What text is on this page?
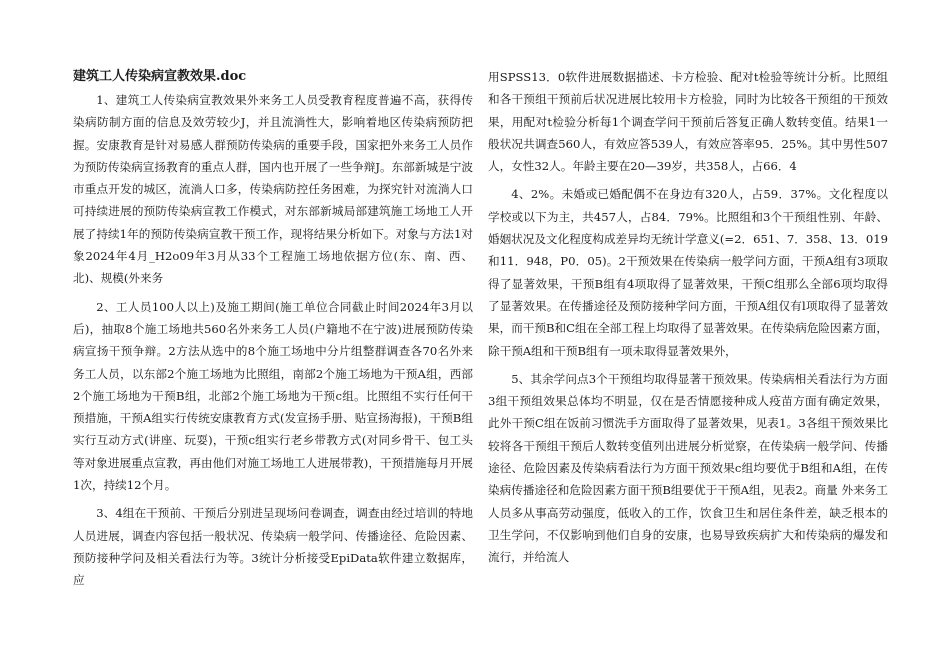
建筑工人传染病宣教效果.doc

1、建筑工人传染病宣教效果外来务工人员受教育程度普遍不高，获得传染病防制方面的信息及效劳较少J，并且流淌性大，影响着地区传染病预防把握。安康教育是针对易感人群预防传染病的重要手段，国家把外来务工人员作为预防传染病宣扬教育的重点人群，国内也开展了一些争辩J。东部新城是宁波市重点开发的城区，流淌人口多，传染病防控任务困难，为探究针对流淌人口可持续进展的预防传染病宣教工作模式，对东部新城局部建筑施工场地工人开展了持续1年的预防传染病宣教干预工作，现将结果分析如下。对象与方法1对象2024年4月_H2o09年3月从33个工程施工场地依据方位(东、南、西、北)、规模(外来务

2、工人员100人以上)及施工期间(施工单位合同截止时间2024年3月以后)，抽取8个施工场地共560名外来务工人员(户籍地不在宁波)进展预防传染病宣扬干预争辩。2方法从选中的8个施工场地中分片组整群调查各70名外来务工人员，以东部2个施工场地为比照组，南部2个施工场地为干预A组，西部2个施工场地为干预B组，北部2个施工场地为干预c组。比照组不实行任何干预措施，干预A组实行传统安康教育方式(发宣扬手册、贴宣扬海报)，干预B组实行互动方式(讲座、玩耍)，干预c组实行老乡带教方式(对同乡骨干、包工头等对象进展重点宣教，再由他们对施工场地工人进展带教)，干预措施每月开展1次，持续12个月。

3、4组在干预前、干预后分别进呈现场问卷调查，调查由经过培训的特地人员进展，调查内容包括一般状况、传染病一般学问、传播途径、危险因素、预防接种学问及相关看法行为等。3统计分析接受EpiData软件建立数据库，应

用SPSS13．0软件进展数据描述、卡方检验、配对t检验等统计分析。比照组和各干预组干预前后状况进展比较用卡方检验，同时为比较各干预组的干预效果，用配对t检验分析每1个调查学问干预前后答复正确人数转变值。结果1一般状况共调查560人，有效应答539人，有效应答率95．25%。其中男性507人，女性32人。年龄主要在20—39岁，共358人，占66．4

4、2%。未婚或已婚配偶不在身边有320人，占59．37%。文化程度以学校或以下为主，共457人，占84．79%。比照组和3个干预组性别、年龄、婚姻状况及文化程度构成差异均无统计学意义(=2．651、7．358、13．019和11．948，P0．05)。2干预效果在传染病一般学问方面，干预A组有3项取得了显著效果，干预B组有4项取得了显著效果，干预C组那么全部6项均取得了显著效果。在传播途径及预防接种学问方面，干预A组仅有l项取得了显著效果，而干预B和C组在全部工程上均取得了显著效果。在传染病危险因素方面，除干预A组和干预B组有一项未取得显著效果外，

5、其余学问点3个干预组均取得显著干预效果。传染病相关看法行为方面3组干预组效果总体均不明显，仅在是否情愿接种成人疫苗方面有确定效果，此外干预C组在饭前习惯洗手方面取得了显著效果，见表1。3各组干预效果比较将各干预组干预后人数转变值列出进展分析觉察，在传染病一般学问、传播途径、危险因素及传染病看法行为方面干预效果c组均要优于B组和A组，在传染病传播途径和危险因素方面干预B组要优于干预A组，见表2。商量 外来务工人员多从事高劳动强度，低收入的工作，饮食卫生和居住条件差，缺乏根本的卫生学问，不仅影响到他们自身的安康，也易导致疾病扩大和传染病的爆发和流行，并给流人
